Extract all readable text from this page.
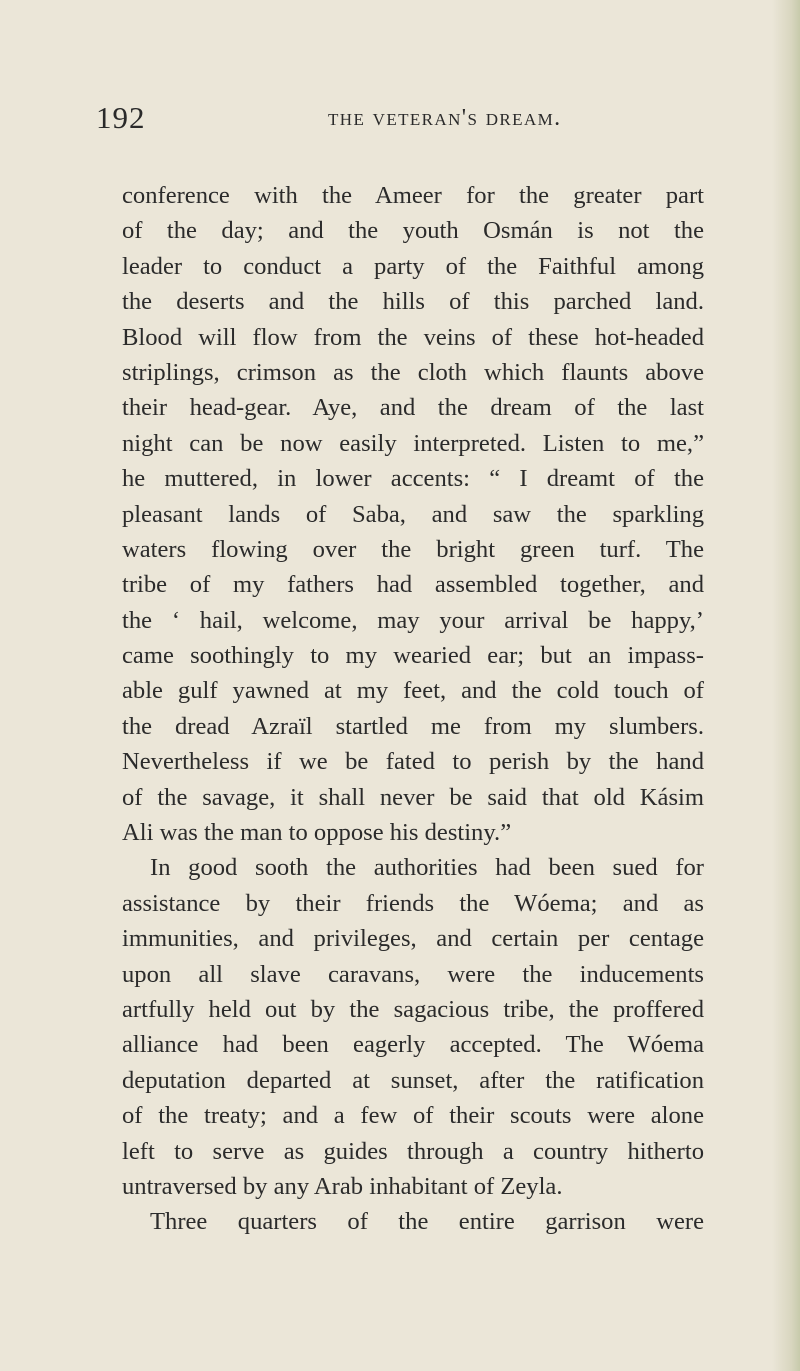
192	the veteran's dream.
conference with the Ameer for the greater part
of the day; and the youth Osmán is not the
leader to conduct a party of the Faithful among
the deserts and the hills of this parched land.
Blood will flow from the veins of these hot-headed
striplings, crimson as the cloth which flaunts above
their head-gear. Aye, and the dream of the last
night can be now easily interpreted. Listen to me,”
he muttered, in lower accents: “ I dreamt of the
pleasant lands of Saba, and saw the sparkling
waters flowing over the bright green turf. The
tribe of my fathers had assembled together, and
the ‘ hail, welcome, may your arrival be happy,’
came soothingly to my wearied ear; but an impass-
able gulf yawned at my feet, and the cold touch of
the dread Azraïl startled me from my slumbers.
Nevertheless if we be fated to perish by the hand
of the savage, it shall never be said that old Kásim
Ali was the man to oppose his destiny.”
In good sooth the authorities had been sued for
assistance by their friends the Wóema; and as
immunities, and privileges, and certain per centage
upon all slave caravans, were the inducements
artfully held out by the sagacious tribe, the proffered
alliance had been eagerly accepted. The Wóema
deputation departed at sunset, after the ratification
of the treaty; and a few of their scouts were alone
left to serve as guides through a country hitherto
untraversed by any Arab inhabitant of Zeyla.
Three quarters of the entire garrison were
